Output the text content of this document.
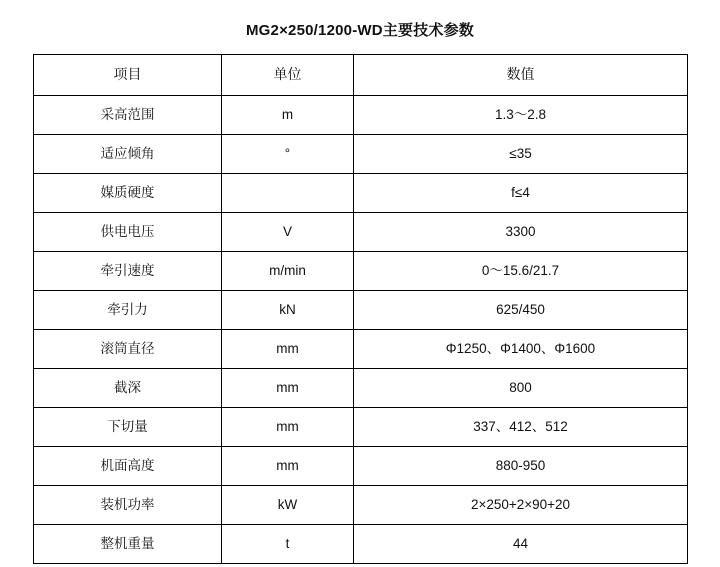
MG2×250/1200-WD主要技术参数
项目	单位	数值

采高范围	m	1.3～2.8

适应倾角	°	≤35

媒质硬度		f≤4

供电电压	V	3300

牵引速度	m/min	0～15.6/21.7

牵引力	kN	625/450

滚筒直径	mm	Φ1250、Φ1400、Φ1600

截深	mm	800

下切量	mm	337、412、512

机面高度	mm	880-950

装机功率	kW	2×250+2×90+20

整机重量	t	44
